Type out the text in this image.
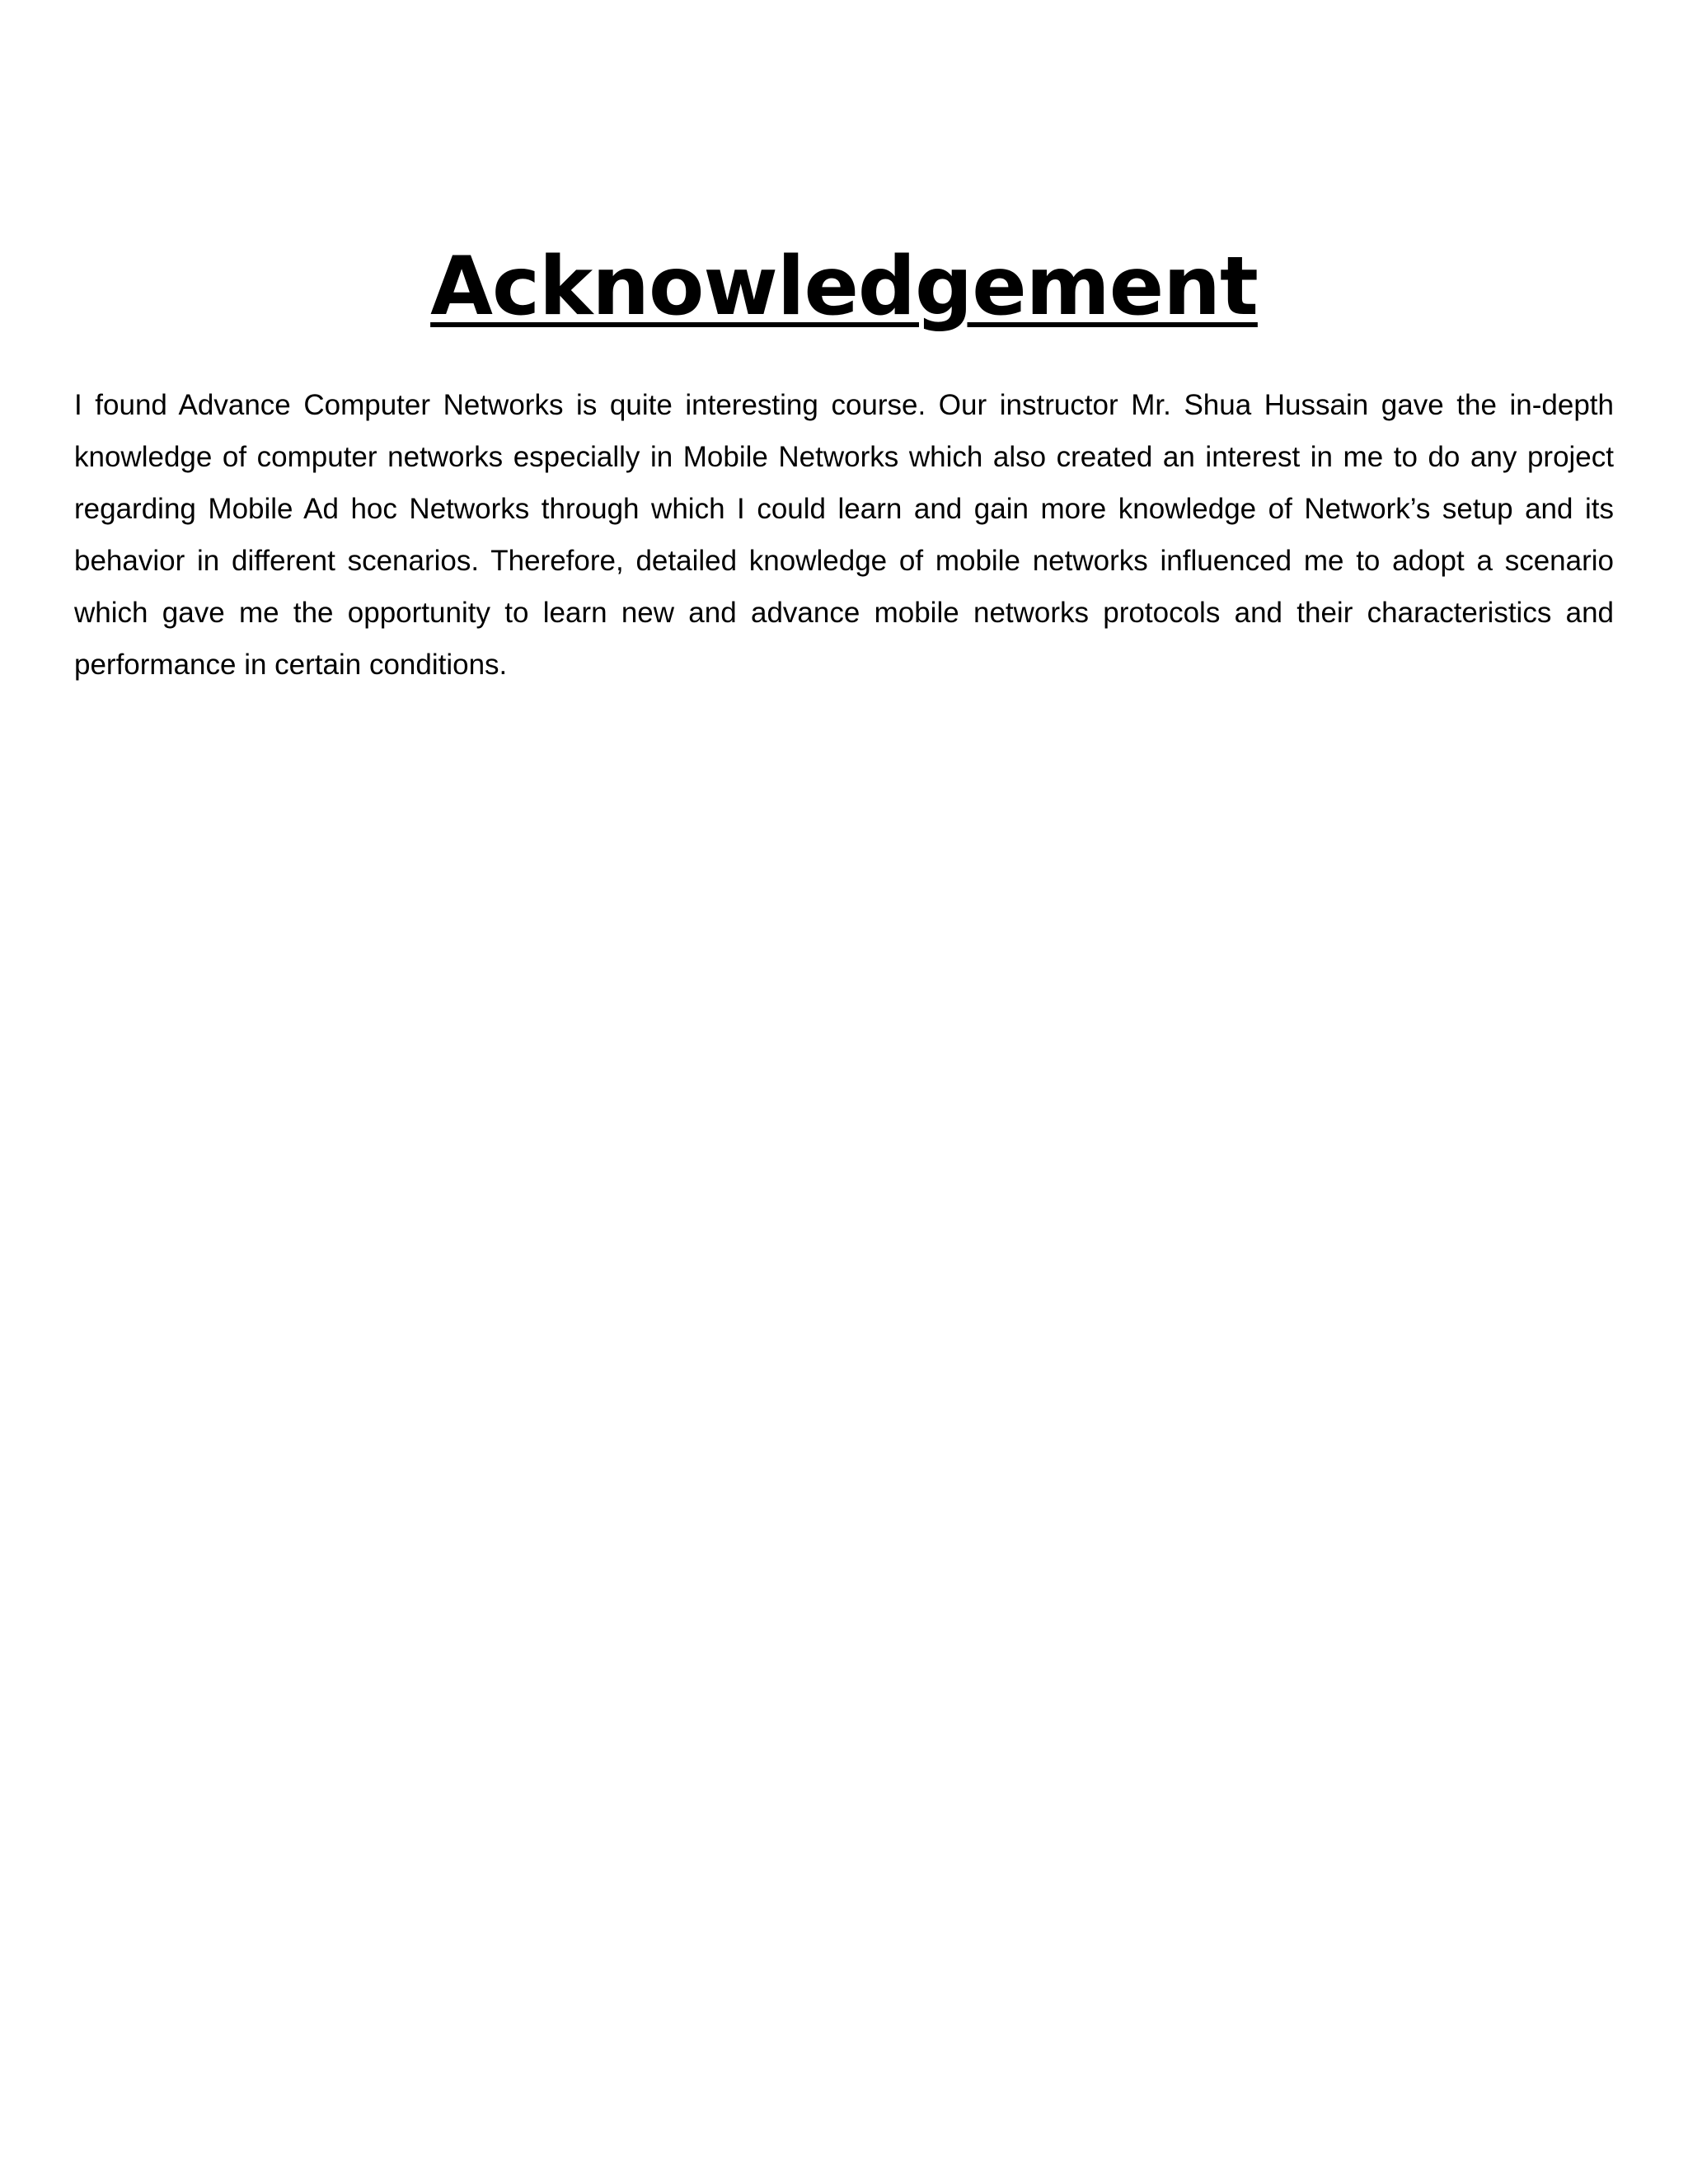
Acknowledgement

I found Advance Computer Networks is quite interesting course. Our instructor Mr. Shua Hussain gave the in-depth knowledge of computer networks especially in Mobile Networks which also created an interest in me to do any project regarding Mobile Ad hoc Networks through which I could learn and gain more knowledge of Network’s setup and its behavior in different scenarios. Therefore, detailed knowledge of mobile networks influenced me to adopt a scenario which gave me the opportunity to learn new and advance mobile networks protocols and their characteristics and performance in certain conditions.
